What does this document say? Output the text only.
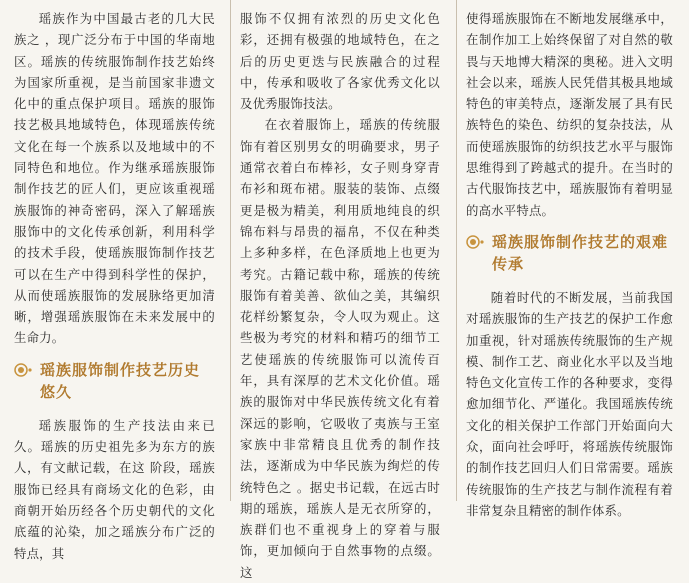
瑶族作为中国最古老的几大民族之 ，现广泛分布于中国的华南地区。瑶族的传统服饰制作技艺始终为国家所重视，是当前国家非遗文化中的重点保护项目。瑶族的服饰技艺极具地域特色，体现瑶族传统文化在每一个族系以及地域中的不同特色和地位。作为继承瑶族服饰制作技艺的匠人们，更应该重视瑶族服饰的神奇密码，深入了解瑶族服饰中的文化传承创新，利用科学的技术手段，使瑶族服饰制作技艺可以在生产中得到科学性的保护，从而使瑶族服饰的发展脉络更加清晰，增强瑶族服饰在未来发展中的生命力。

瑶族服饰制作技艺历史悠久

瑶族服饰的生产技法由来已久。瑶族的历史祖先多为东方的族人，有文献记载，在这 阶段，瑶族服饰已经具有商场文化的色彩，由商朝开始历经各个历史朝代的文化底蕴的沁染，加之瑶族分布广泛的特点，其

服饰不仅拥有浓烈的历史文化色彩，还拥有极强的地域特色，在之后的历史更迭与民族融合的过程中，传承和吸收了各家优秀文化以及优秀服饰技法。

在衣着服饰上，瑶族的传统服饰有着区别男女的明确要求，男子通常衣着白布棒衫，女子则身穿青布衫和斑布裙。服装的装饰、点缀更是极为精美，利用质地纯良的织锦布料与昂贵的福帛，不仅在种类上多种多样，在色泽质地上也更为考究。古籍记载中称，瑶族的传统服饰有着美善、欲仙之美，其编织花样纷繁复杂，令人叹为观止。这些极为考究的材料和精巧的细节工艺使瑶族的传统服饰可以流传百年，具有深厚的艺术文化价值。瑶族的服饰对中华民族传统文化有着深远的影响，它吸收了夷族与王室家族中非常精良且优秀的制作技法，逐渐成为中华民族为绚烂的传统特色之 。据史书记载，在远古时期的瑶族，瑶族人是无衣所穿的，族群们也不重视身上的穿着与服饰，更加倾向于自然事物的点缀。这

使得瑶族服饰在不断地发展继承中，在制作加工上始终保留了对自然的敬畏与天地博大精深的奥秘。进入文明社会以来，瑶族人民凭借其极具地域特色的审美特点，逐渐发展了具有民族特色的染色、纺织的复杂技法，从而使瑶族服饰的纺织技艺水平与服饰思维得到了跨越式的提升。在当时的古代服饰技艺中，瑶族服饰有着明显的高水平特点。

瑶族服饰制作技艺的艰难传承

随着时代的不断发展，当前我国对瑶族服饰的生产技艺的保护工作愈加重视，针对瑶族传统服饰的生产规模、制作工艺、商业化水平以及当地特色文化宣传工作的各种要求，变得愈加细节化、严谨化。我国瑶族传统文化的相关保护工作部门开始面向大众，面向社会呼吁，将瑶族传统服饰的制作技艺回归人们日常需要。瑶族传统服饰的生产技艺与制作流程有着非常复杂且精密的制作体系。
